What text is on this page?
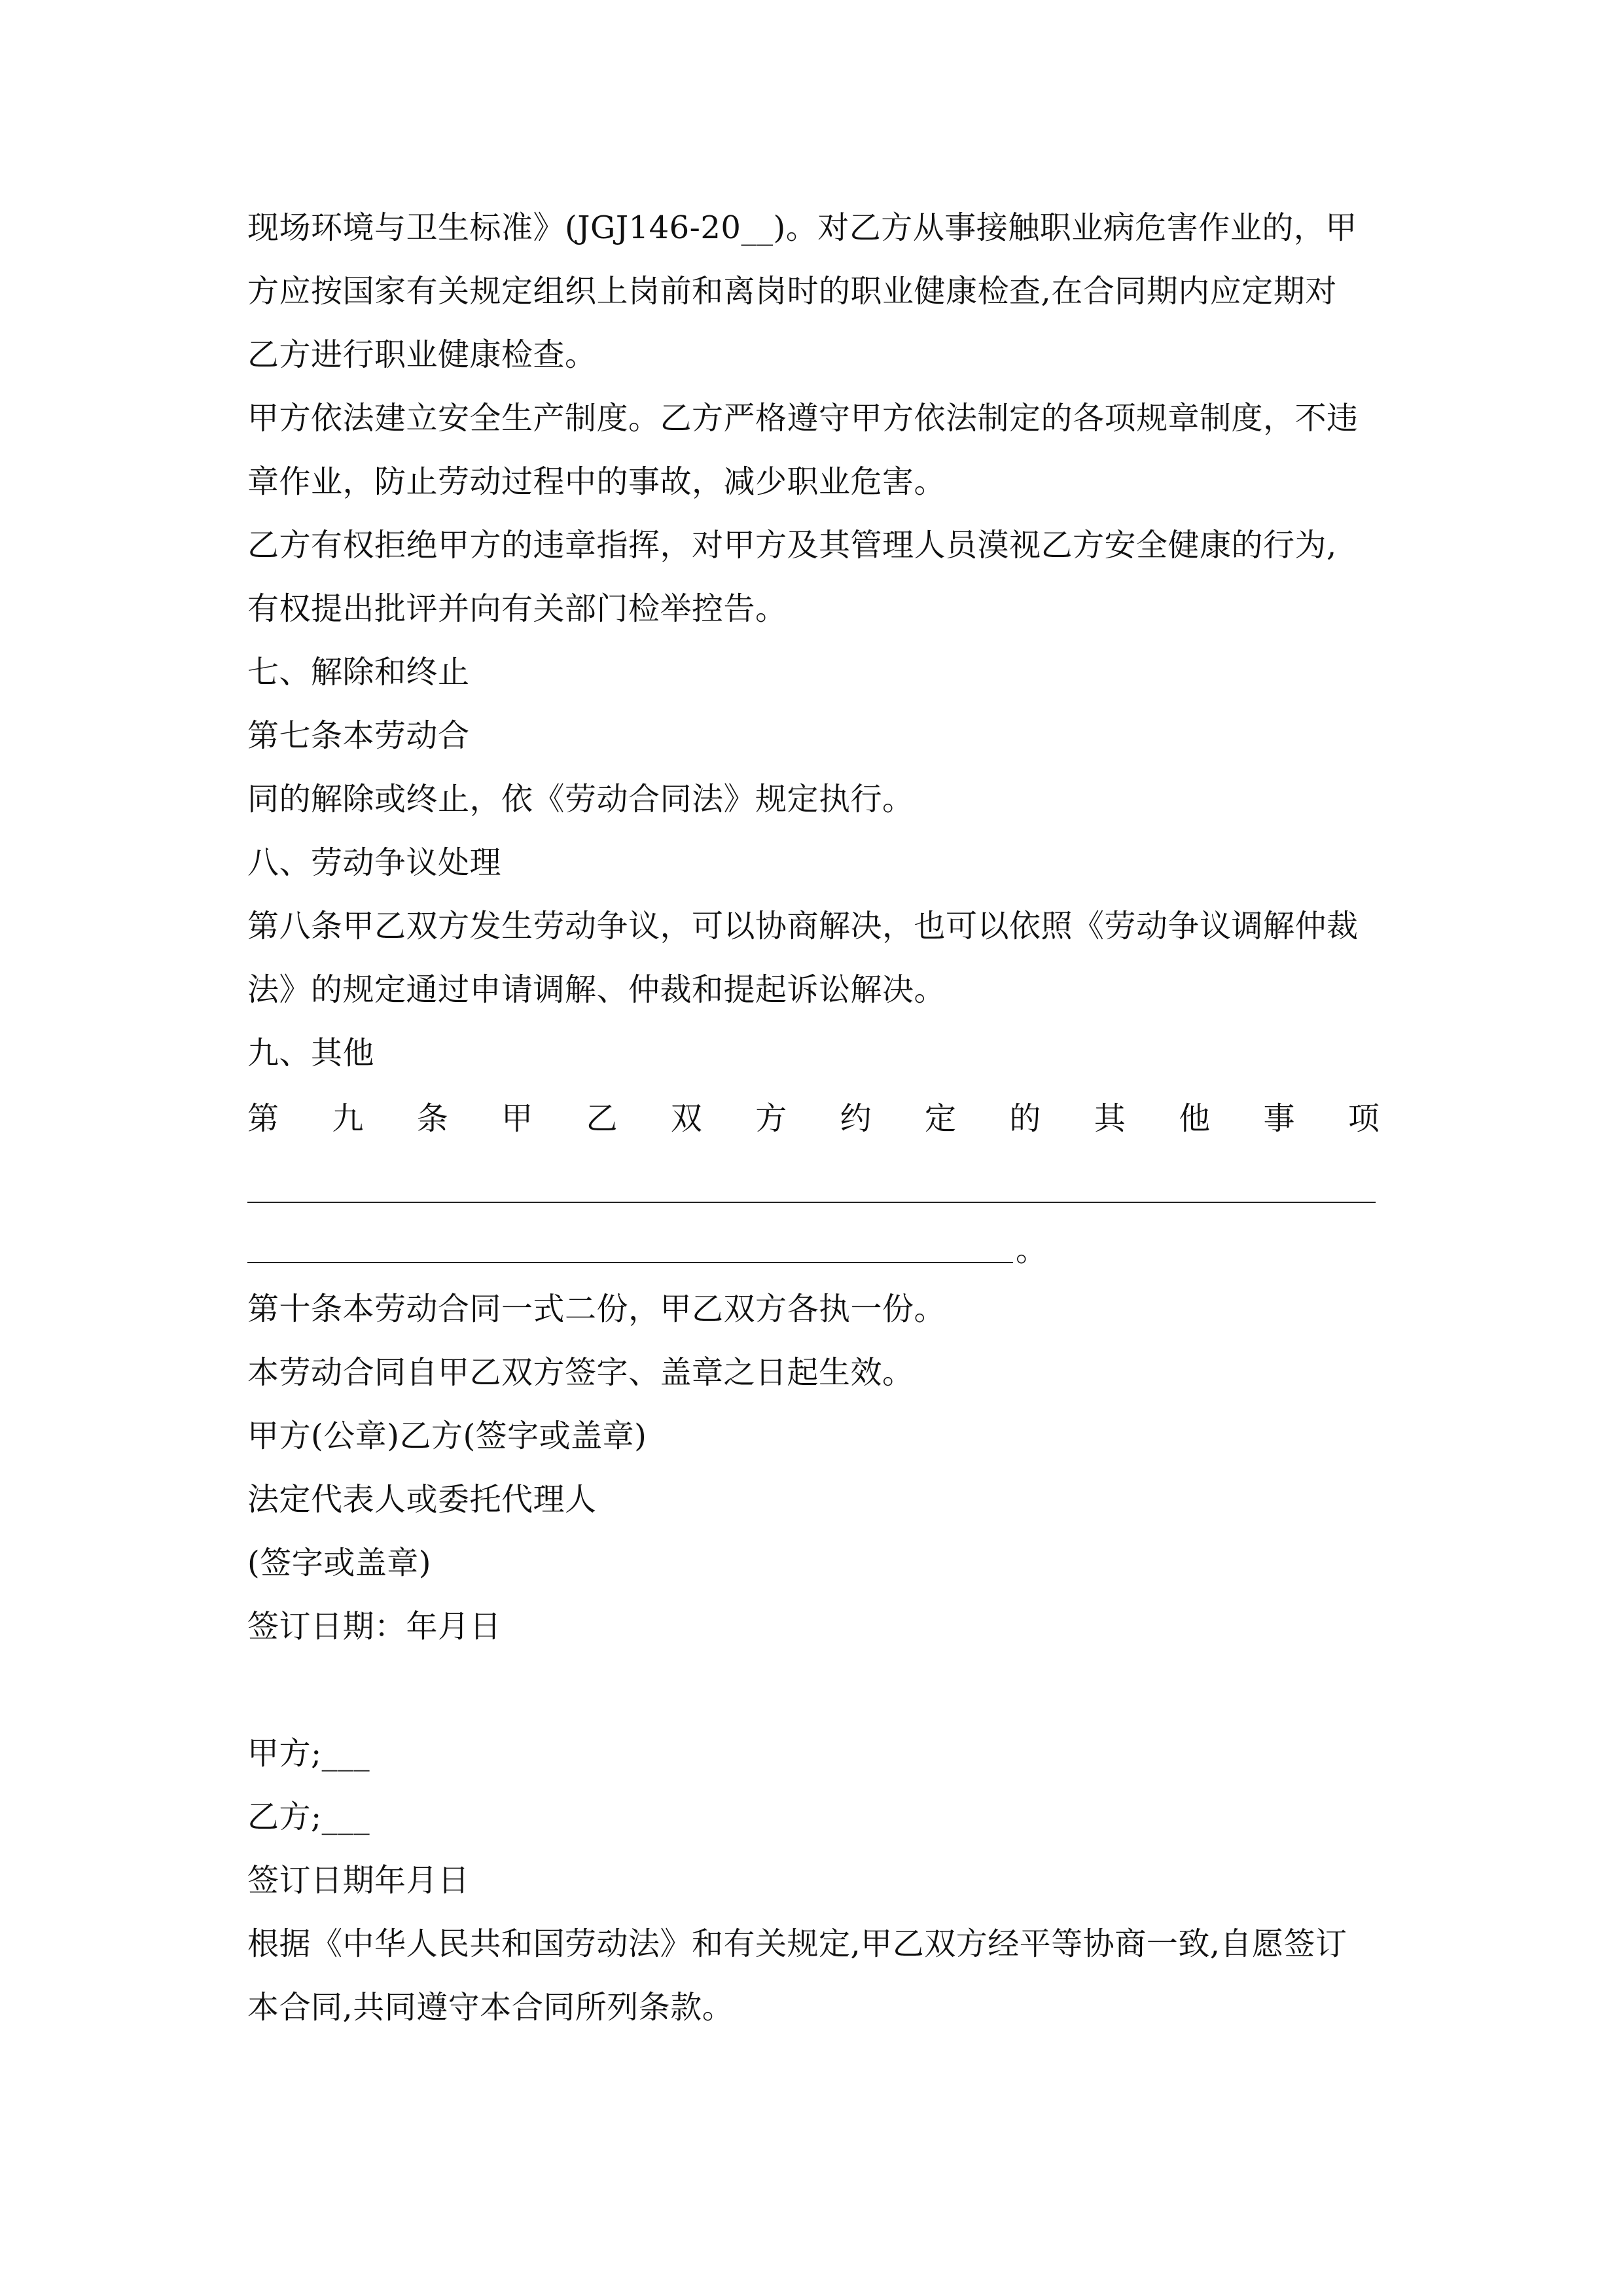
现场环境与卫生标准》(JGJ146-20__)。对乙方从事接触职业病危害作业的，甲
方应按国家有关规定组织上岗前和离岗时的职业健康检查,在合同期内应定期对
乙方进行职业健康检查。
甲方依法建立安全生产制度。乙方严格遵守甲方依法制定的各项规章制度，不违
章作业，防止劳动过程中的事故，减少职业危害。
乙方有权拒绝甲方的违章指挥，对甲方及其管理人员漠视乙方安全健康的行为,
有权提出批评并向有关部门检举控告。
七、解除和终止
第七条本劳动合
同的解除或终止，依《劳动合同法》规定执行。
八、劳动争议处理
第八条甲乙双方发生劳动争议，可以协商解决，也可以依照《劳动争议调解仲裁
法》的规定通过申请调解、仲裁和提起诉讼解决。
九、其他
第 九 条 甲 乙 双 方 约 定 的 其 他 事 项
。
第十条本劳动合同一式二份，甲乙双方各执一份。
本劳动合同自甲乙双方签字、盖章之日起生效。
甲方(公章)乙方(签字或盖章)
法定代表人或委托代理人
(签字或盖章)
签订日期：年月日
甲方;___
乙方;___
签订日期年月日
根据《中华人民共和国劳动法》和有关规定,甲乙双方经平等协商一致,自愿签订
本合同,共同遵守本合同所列条款。
